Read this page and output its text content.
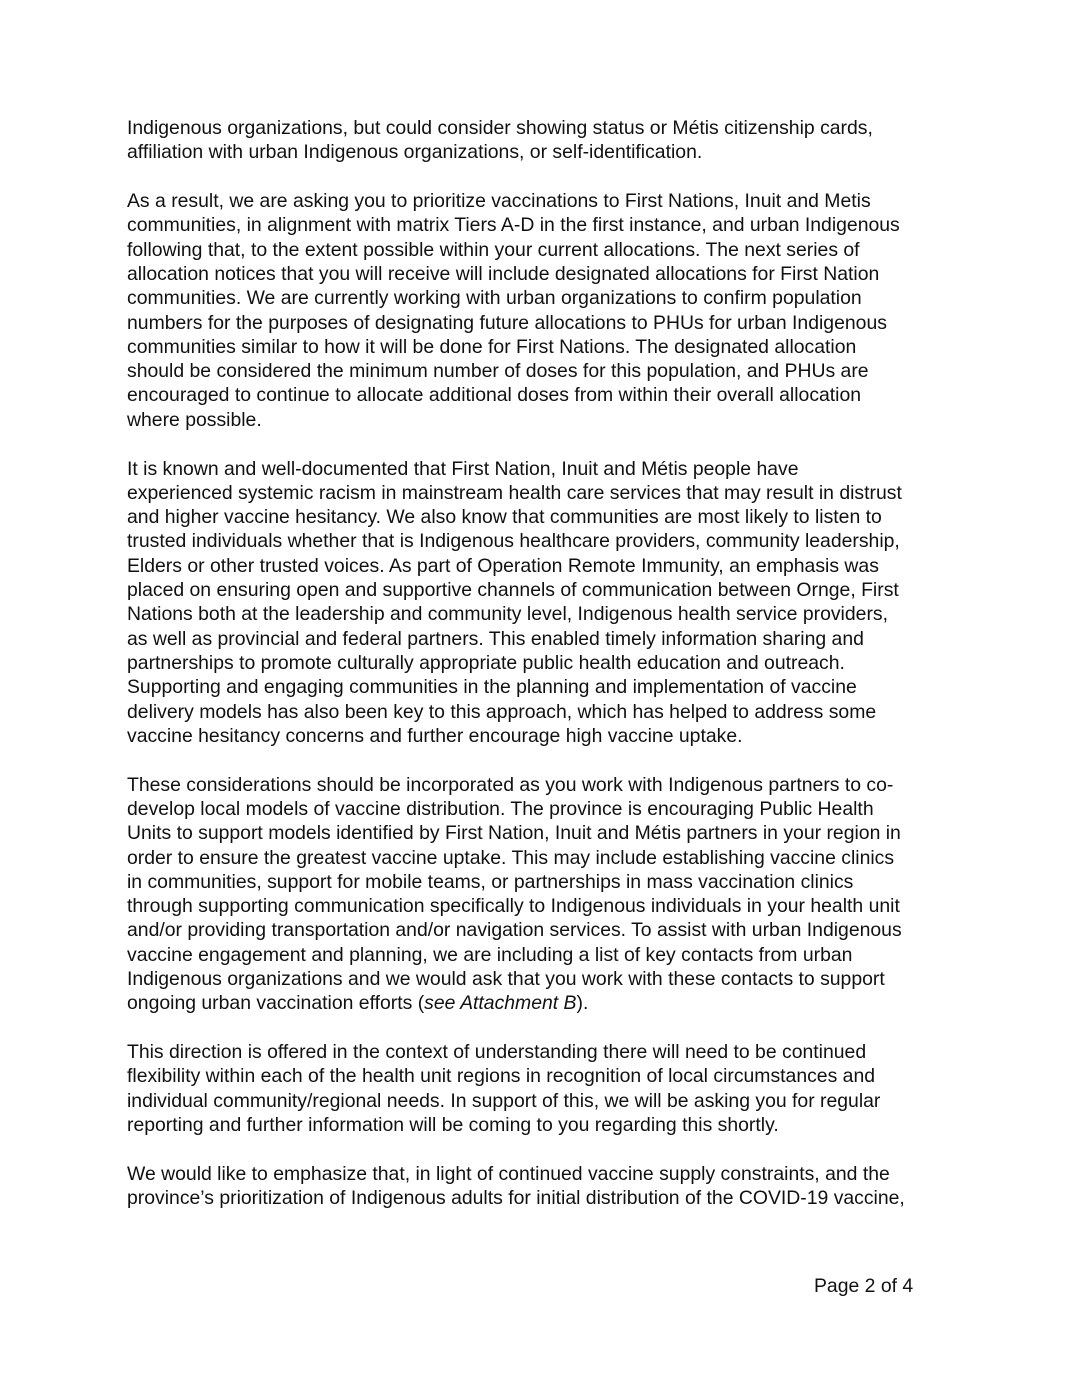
Indigenous organizations, but could consider showing status or Métis citizenship cards,
affiliation with urban Indigenous organizations, or self-identification.

As a result, we are asking you to prioritize vaccinations to First Nations, Inuit and Metis
communities, in alignment with matrix Tiers A-D in the first instance, and urban Indigenous
following that, to the extent possible within your current allocations. The next series of
allocation notices that you will receive will include designated allocations for First Nation
communities. We are currently working with urban organizations to confirm population
numbers for the purposes of designating future allocations to PHUs for urban Indigenous
communities similar to how it will be done for First Nations. The designated allocation
should be considered the minimum number of doses for this population, and PHUs are
encouraged to continue to allocate additional doses from within their overall allocation
where possible.

It is known and well-documented that First Nation, Inuit and Métis people have
experienced systemic racism in mainstream health care services that may result in distrust
and higher vaccine hesitancy. We also know that communities are most likely to listen to
trusted individuals whether that is Indigenous healthcare providers, community leadership,
Elders or other trusted voices. As part of Operation Remote Immunity, an emphasis was
placed on ensuring open and supportive channels of communication between Ornge, First
Nations both at the leadership and community level, Indigenous health service providers,
as well as provincial and federal partners. This enabled timely information sharing and
partnerships to promote culturally appropriate public health education and outreach.
Supporting and engaging communities in the planning and implementation of vaccine
delivery models has also been key to this approach, which has helped to address some
vaccine hesitancy concerns and further encourage high vaccine uptake.

These considerations should be incorporated as you work with Indigenous partners to co-
develop local models of vaccine distribution. The province is encouraging Public Health
Units to support models identified by First Nation, Inuit and Métis partners in your region in
order to ensure the greatest vaccine uptake. This may include establishing vaccine clinics
in communities, support for mobile teams, or partnerships in mass vaccination clinics
through supporting communication specifically to Indigenous individuals in your health unit
and/or providing transportation and/or navigation services. To assist with urban Indigenous
vaccine engagement and planning, we are including a list of key contacts from urban
Indigenous organizations and we would ask that you work with these contacts to support
ongoing urban vaccination efforts (see Attachment B).

This direction is offered in the context of understanding there will need to be continued
flexibility within each of the health unit regions in recognition of local circumstances and
individual community/regional needs. In support of this, we will be asking you for regular
reporting and further information will be coming to you regarding this shortly.

We would like to emphasize that, in light of continued vaccine supply constraints, and the
province’s prioritization of Indigenous adults for initial distribution of the COVID-19 vaccine,

Page 2 of 4
